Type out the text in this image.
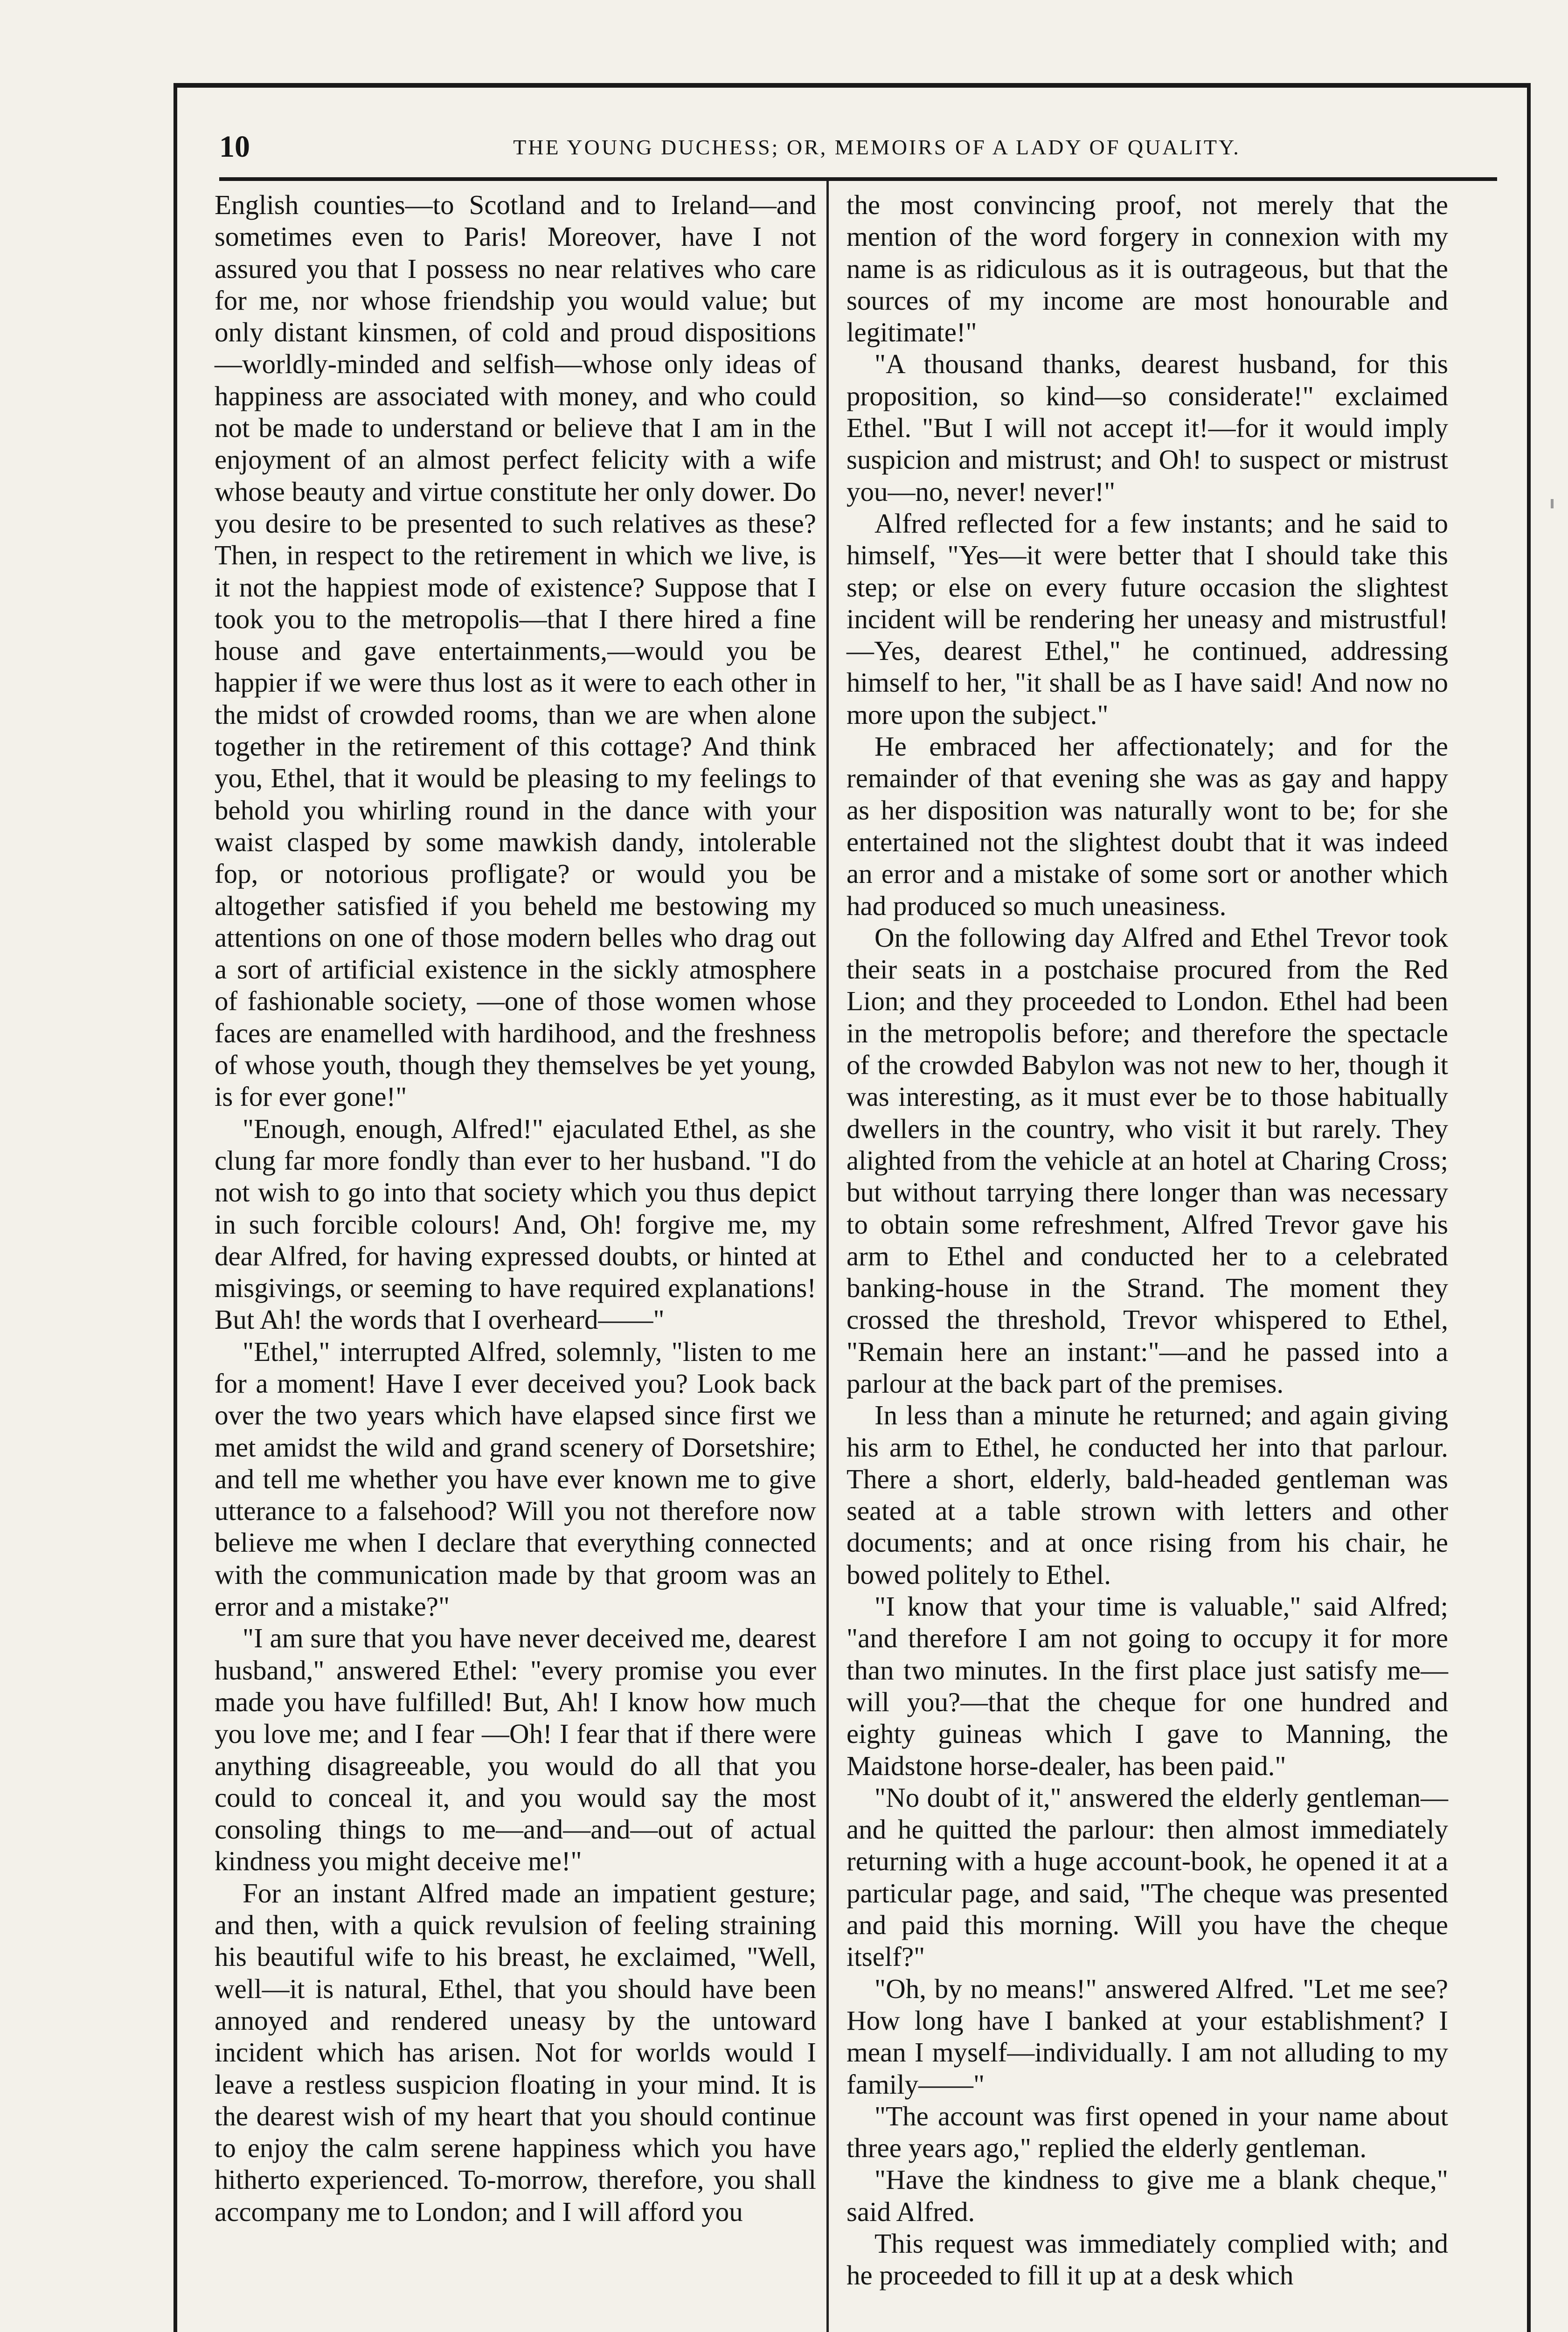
10	THE YOUNG DUCHESS; OR, MEMOIRS OF A LADY OF QUALITY.

English counties—to Scotland and to Ireland—and sometimes even to Paris! Moreover, have I not assured you that I possess no near relatives who care for me, nor whose friendship you would value; but only distant kinsmen, of cold and proud dispositions—worldly-minded and selfish—whose only ideas of happiness are associated with money, and who could not be made to understand or believe that I am in the enjoyment of an almost perfect felicity with a wife whose beauty and virtue constitute her only dower. Do you desire to be presented to such relatives as these? Then, in respect to the retirement in which we live, is it not the happiest mode of existence? Suppose that I took you to the metropolis—that I there hired a fine house and gave entertainments,—would you be happier if we were thus lost as it were to each other in the midst of crowded rooms, than we are when alone together in the retirement of this cottage? And think you, Ethel, that it would be pleasing to my feelings to behold you whirling round in the dance with your waist clasped by some mawkish dandy, intolerable fop, or notorious profligate? or would you be altogether satisfied if you beheld me bestowing my attentions on one of those modern belles who drag out a sort of artificial existence in the sickly atmosphere of fashionable society, —one of those women whose faces are enamelled with hardihood, and the freshness of whose youth, though they themselves be yet young, is for ever gone!"

"Enough, enough, Alfred!" ejaculated Ethel, as she clung far more fondly than ever to her husband. "I do not wish to go into that society which you thus depict in such forcible colours! And, Oh! forgive me, my dear Alfred, for having expressed doubts, or hinted at misgivings, or seeming to have required explanations! But Ah! the words that I overheard——"

"Ethel," interrupted Alfred, solemnly, "listen to me for a moment! Have I ever deceived you? Look back over the two years which have elapsed since first we met amidst the wild and grand scenery of Dorsetshire; and tell me whether you have ever known me to give utterance to a falsehood? Will you not therefore now believe me when I declare that everything connected with the communication made by that groom was an error and a mistake?"

"I am sure that you have never deceived me, dearest husband," answered Ethel: "every promise you ever made you have fulfilled! But, Ah! I know how much you love me; and I fear —Oh! I fear that if there were anything disagreeable, you would do all that you could to conceal it, and you would say the most consoling things to me—and—and—out of actual kindness you might deceive me!"

For an instant Alfred made an impatient gesture; and then, with a quick revulsion of feeling straining his beautiful wife to his breast, he exclaimed, "Well, well—it is natural, Ethel, that you should have been annoyed and rendered uneasy by the untoward incident which has arisen. Not for worlds would I leave a restless suspicion floating in your mind. It is the dearest wish of my heart that you should continue to enjoy the calm serene happiness which you have hitherto experienced. To-morrow, therefore, you shall accompany me to London; and I will afford you

the most convincing proof, not merely that the mention of the word forgery in connexion with my name is as ridiculous as it is outrageous, but that the sources of my income are most honourable and legitimate!"

"A thousand thanks, dearest husband, for this proposition, so kind—so considerate!" exclaimed Ethel. "But I will not accept it!—for it would imply suspicion and mistrust; and Oh! to suspect or mistrust you—no, never! never!"

Alfred reflected for a few instants; and he said to himself, "Yes—it were better that I should take this step; or else on every future occasion the slightest incident will be rendering her uneasy and mistrustful!—Yes, dearest Ethel," he continued, addressing himself to her, "it shall be as I have said! And now no more upon the subject."

He embraced her affectionately; and for the remainder of that evening she was as gay and happy as her disposition was naturally wont to be; for she entertained not the slightest doubt that it was indeed an error and a mistake of some sort or another which had produced so much uneasiness.

On the following day Alfred and Ethel Trevor took their seats in a postchaise procured from the Red Lion; and they proceeded to London. Ethel had been in the metropolis before; and therefore the spectacle of the crowded Babylon was not new to her, though it was interesting, as it must ever be to those habitually dwellers in the country, who visit it but rarely. They alighted from the vehicle at an hotel at Charing Cross; but without tarrying there longer than was necessary to obtain some refreshment, Alfred Trevor gave his arm to Ethel and conducted her to a celebrated banking-house in the Strand. The moment they crossed the threshold, Trevor whispered to Ethel, "Remain here an instant:"—and he passed into a parlour at the back part of the premises.

In less than a minute he returned; and again giving his arm to Ethel, he conducted her into that parlour. There a short, elderly, bald-headed gentleman was seated at a table strown with letters and other documents; and at once rising from his chair, he bowed politely to Ethel.

"I know that your time is valuable," said Alfred; "and therefore I am not going to occupy it for more than two minutes. In the first place just satisfy me—will you?—that the cheque for one hundred and eighty guineas which I gave to Manning, the Maidstone horse-dealer, has been paid."

"No doubt of it," answered the elderly gentleman—and he quitted the parlour: then almost immediately returning with a huge account-book, he opened it at a particular page, and said, "The cheque was presented and paid this morning. Will you have the cheque itself?"

"Oh, by no means!" answered Alfred. "Let me see? How long have I banked at your establishment? I mean I myself—individually. I am not alluding to my family——"

"The account was first opened in your name about three years ago," replied the elderly gentleman.

"Have the kindness to give me a blank cheque," said Alfred.

This request was immediately complied with; and he proceeded to fill it up at a desk which
